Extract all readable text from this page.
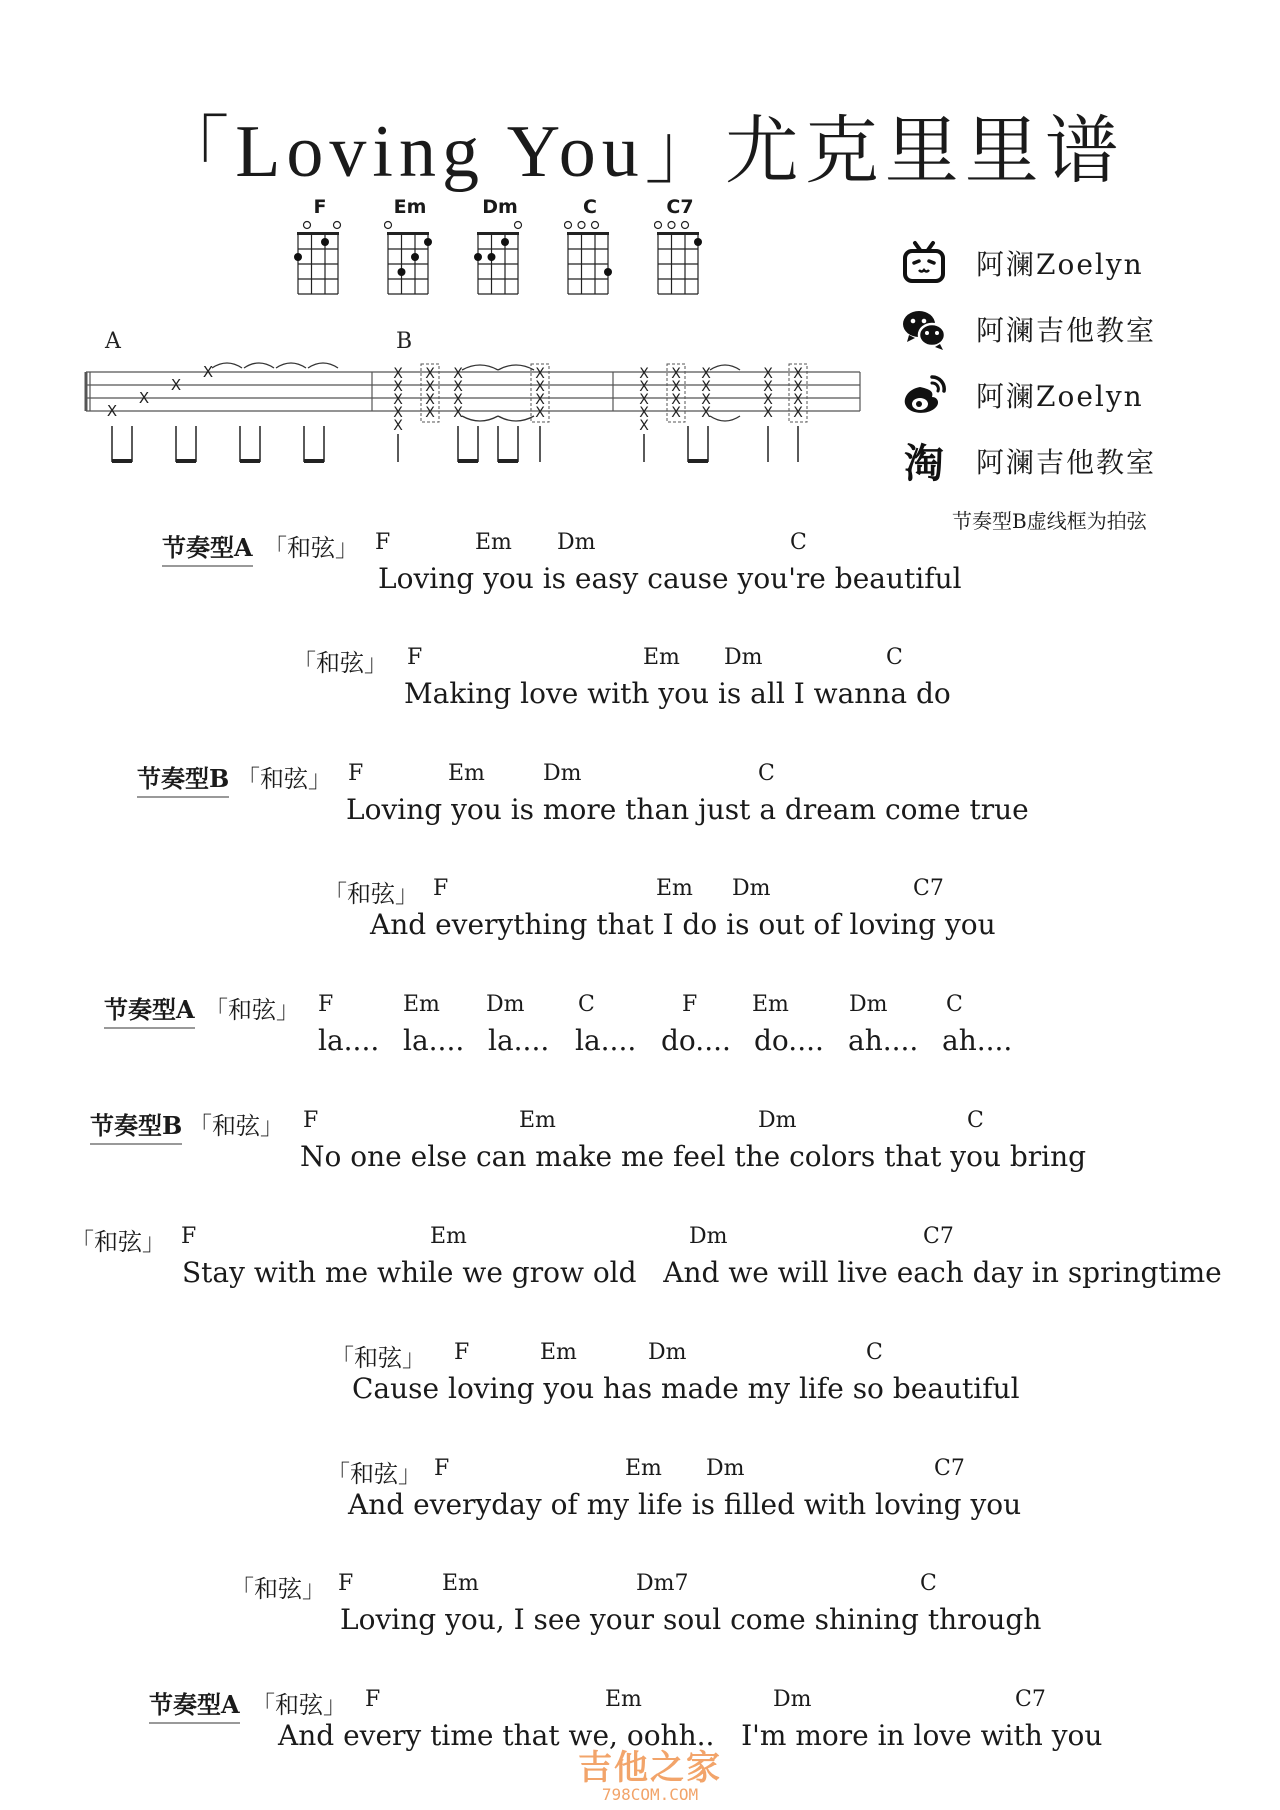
「Loving You」尤克里里谱
F	Em	Dm	C	C7
阿澜Zoelyn
阿澜吉他教室
阿澜Zoelyn
淘 阿澜吉他教室
A	B
X
X
X
X	X
X
X
X
X
X
X
X
X
X
X
X
X
X
X
X
X
X
X
X
X
X
X
X
X
X
X
X
X
X
X
X
X
X
X
X
X
X
节奏型B虚线框为拍弦
节奏型A 「和弦」 F	Em Dm	C
Loving you is easy cause you're beautiful
「和弦」 F	Em Dm	C
Making love with you is all I wanna do
节奏型B 「和弦」 F	Em	Dm	C
Loving you is more than just a dream come true
「和弦」 F	Em Dm	C7
And everything that I do is out of loving you
节奏型A 「和弦」 F	Em Dm C	F Em	Dm	C
la.... la.... la.... la.... do.... do.... ah.... ah....
节奏型B 「和弦」 F	Em	Dm	C
No one else can make me feel the colors that you bring
「和弦」 F	Em	Dm	C7
Stay with me while we grow old   And we will live each day in springtime
「和弦」 F	Em	Dm	C
Cause loving you has made my life so beautiful
「和弦」 F	Em Dm	C7
And everyday of my life is filled with loving you
「和弦」 F	Em	Dm7	C
Loving you, I see your soul come shining through
节奏型A 「和弦」 F	Em	Dm	C7
And every time that we, oohh..   I'm more in love with you
吉他之家
798COM.COM
